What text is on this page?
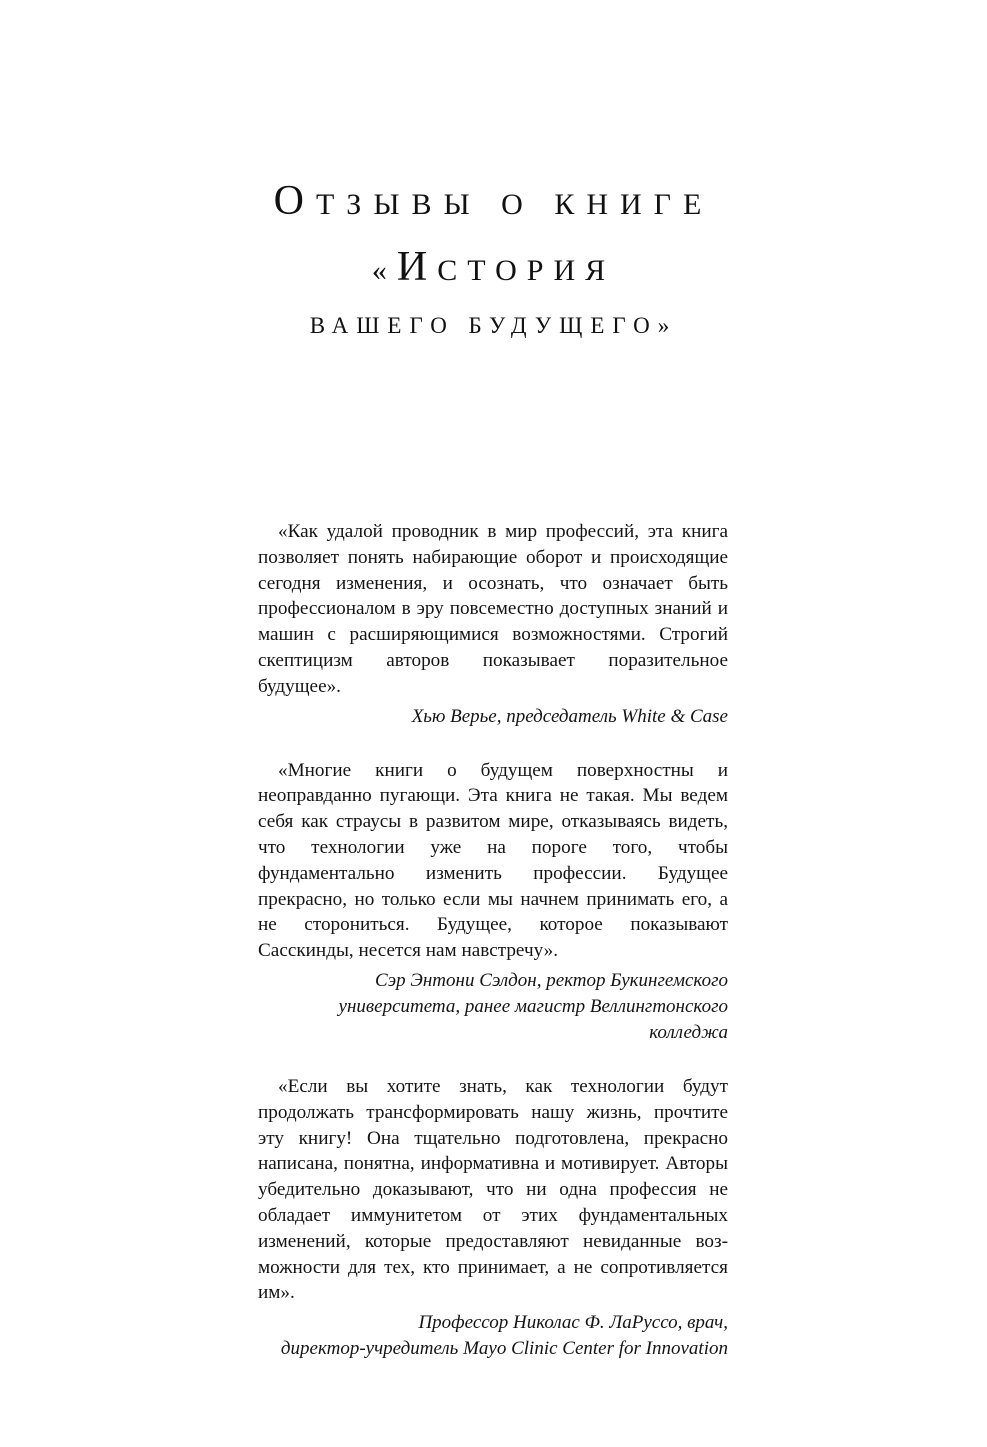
ОТЗЫВЫ О КНИГЕ
«ИСТОРИЯ
ВАШЕГО БУДУЩЕГО»

«Как удалой проводник в мир профессий, эта книга позволяет понять набирающие оборот и происходящие сегодня изменения, и осознать, что означает быть профессионалом в эру повсеместно доступных знаний и машин с расширяющимися возможностями. Строгий скептицизм авторов показывает поразительное будущее».

Хью Верье, председатель White & Case

«Многие книги о будущем поверхностны и неоправданно пугающи. Эта книга не такая. Мы ведем себя как страусы в развитом мире, отказываясь видеть, что технологии уже на пороге того, чтобы фундаментально изменить профессии. Будущее прекрасно, но только если мы начнем принимать его, а не сторониться. Будущее, которое показывают Сасскинды, несется нам навстречу».

Сэр Энтони Сэлдон, ректор Букингемского
университета, ранее магистр Веллингтонского
колледжа

«Если вы хотите знать, как технологии будут продолжать трансформировать нашу жизнь, прочтите эту книгу! Она тщательно подготовлена, прекрасно написана, понятна, информативна и мотивирует. Авторы убедительно доказывают, что ни одна профессия не обладает иммунитетом от этих фундаментальных изменений, которые предоставляют невиданные возможности для тех, кто принимает, а не сопротивляется им».

Профессор Николас Ф. ЛаРуссо, врач,
директор-учредитель Mayo Clinic Center for Innovation
